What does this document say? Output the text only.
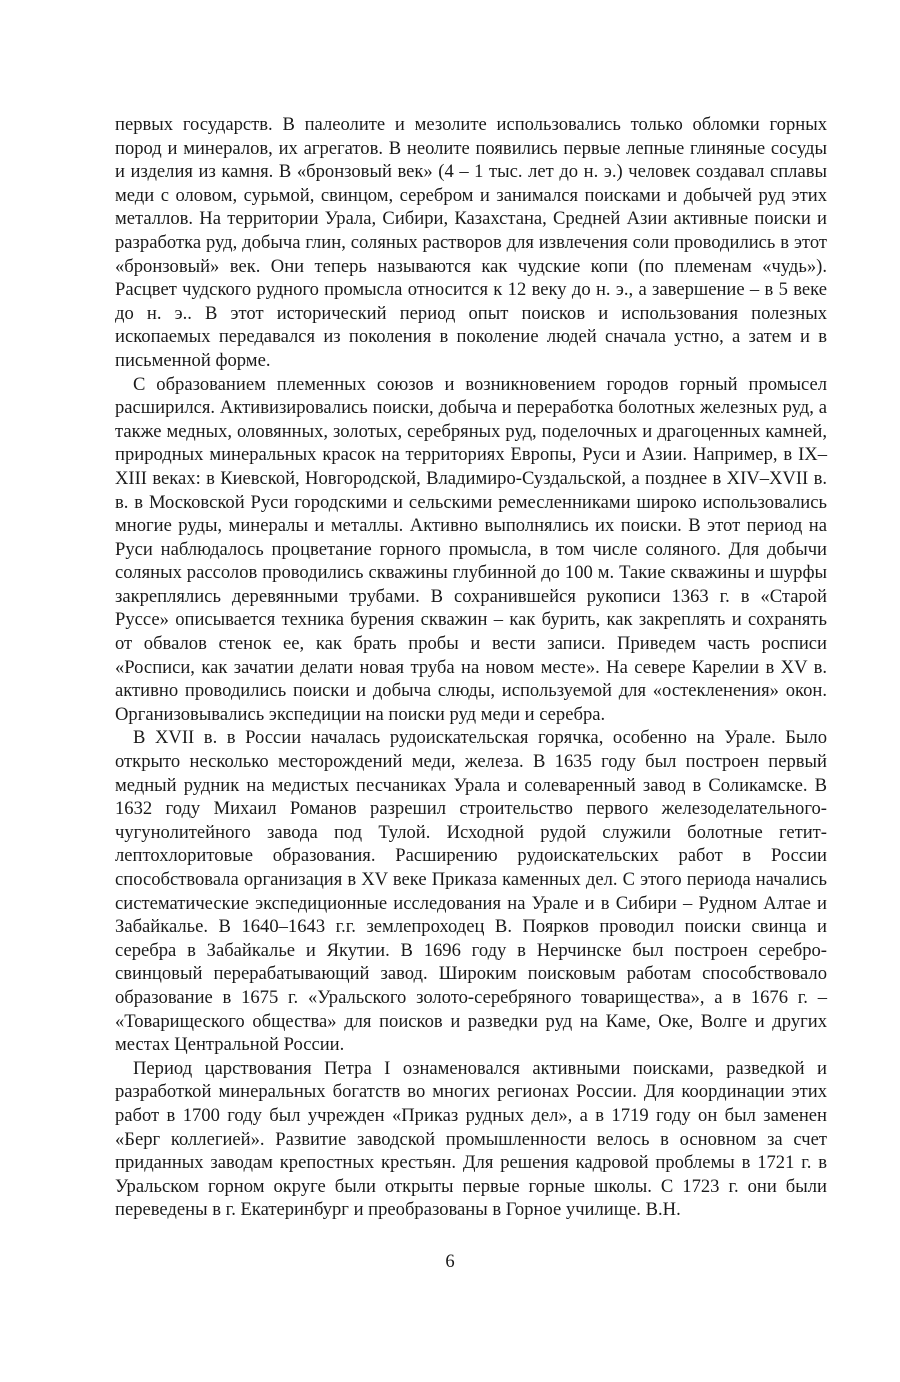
первых государств. В палеолите и мезолите использовались только обломки горных пород и минералов, их агрегатов. В неолите появились первые лепные глиняные сосуды и изделия из камня. В «бронзовый век» (4 – 1 тыс. лет до н. э.) человек создавал сплавы меди с оловом, сурьмой, свинцом, серебром и занимался поисками и добычей руд этих металлов. На территории Урала, Сибири, Казахстана, Средней Азии активные поиски и разработка руд, добыча глин, соляных растворов для извлечения соли проводились в этот «бронзовый» век. Они теперь называются как чудские копи (по племенам «чудь»). Расцвет чудского рудного промысла относится к 12 веку до н. э., а завершение – в 5 веке до н. э.. В этот исторический период опыт поисков и использования полезных ископаемых передавался из поколения в поколение людей сначала устно, а затем и в письменной форме.

С образованием племенных союзов и возникновением городов горный промысел расширился. Активизировались поиски, добыча и переработка болотных железных руд, а также медных, оловянных, золотых, серебряных руд, поделочных и драгоценных камней, природных минеральных красок на территориях Европы, Руси и Азии. Например, в IX– XIII веках: в Киевской, Новгородской, Владимиро-Суздальской, а позднее в XIV–XVII в. в. в Московской Руси городскими и сельскими ремесленниками широко использовались многие руды, минералы и металлы. Активно выполнялись их поиски. В этот период на Руси наблюдалось процветание горного промысла, в том числе соляного. Для добычи соляных рассолов проводились скважины глубинной до 100 м. Такие скважины и шурфы закреплялись деревянными трубами. В сохранившейся рукописи 1363 г. в «Старой Руссе» описывается техника бурения скважин – как бурить, как закреплять и сохранять от обвалов стенок ее, как брать пробы и вести записи. Приведем часть росписи «Росписи, как зачатии делати новая труба на новом месте». На севере Карелии в XV в. активно проводились поиски и добыча слюды, используемой для «остекленения» окон. Организовывались экспедиции на поиски руд меди и серебра.

В XVII в. в России началась рудоискательская горячка, особенно на Урале. Было открыто несколько месторождений меди, железа. В 1635 году был построен первый медный рудник на медистых песчаниках Урала и солеваренный завод в Соликамске. В 1632 году Михаил Романов разрешил строительство первого железоделательного-чугунолитейного завода под Тулой. Исходной рудой служили болотные гетит-лептохлоритовые образования. Расширению рудоискательских работ в России способствовала организация в XV веке Приказа каменных дел. С этого периода начались систематические экспедиционные исследования на Урале и в Сибири – Рудном Алтае и Забайкалье. В 1640–1643 г.г. землепроходец В. Поярков проводил поиски свинца и серебра в Забайкалье и Якутии. В 1696 году в Нерчинске был построен серебро-свинцовый перерабатывающий завод. Широким поисковым работам способствовало образование в 1675 г. «Уральского золото-серебряного товарищества», а в 1676 г. – «Товарищеского общества» для поисков и разведки руд на Каме, Оке, Волге и других местах Центральной России.

Период царствования Петра I ознаменовался активными поисками, разведкой и разработкой минеральных богатств во многих регионах России. Для координации этих работ в 1700 году был учрежден «Приказ рудных дел», а в 1719 году он был заменен «Берг коллегией». Развитие заводской промышленности велось в основном за счет приданных заводам крепостных крестьян. Для решения кадровой проблемы в 1721 г. в Уральском горном округе были открыты первые горные школы. С 1723 г. они были переведены в г. Екатеринбург и преобразованы в Горное училище. В.Н.

6
